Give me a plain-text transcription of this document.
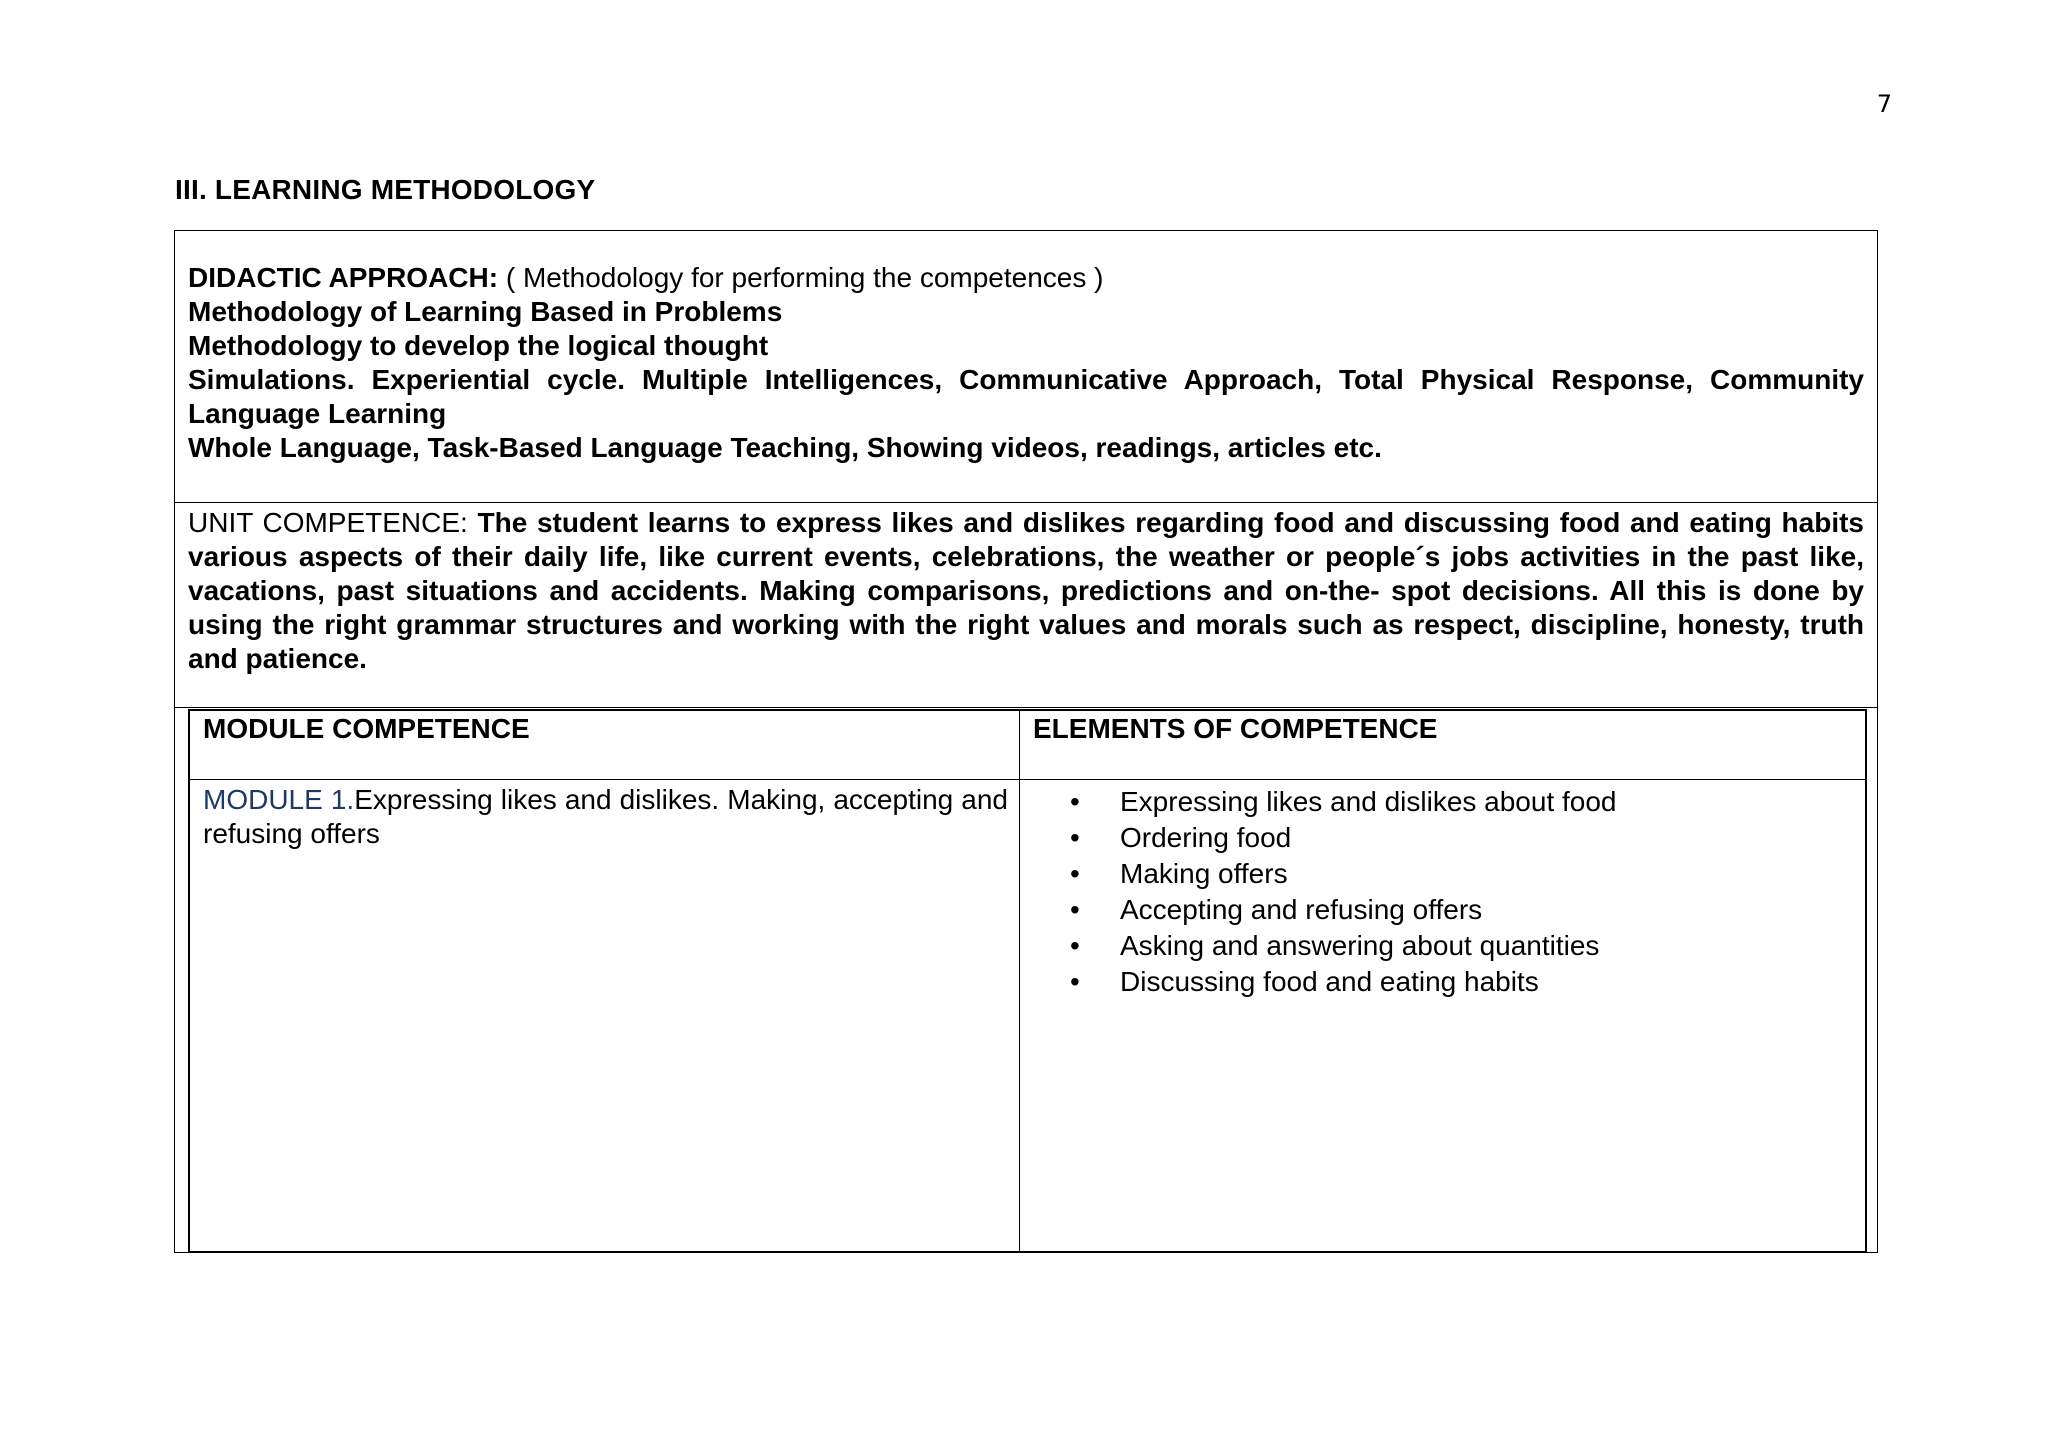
7
III. LEARNING METHODOLOGY
DIDACTIC APPROACH: ( Methodology for performing the competences )
Methodology of Learning Based in Problems
Methodology to develop the logical thought
Simulations. Experiential cycle. Multiple Intelligences, Communicative Approach, Total Physical Response, Community Language Learning
Whole Language, Task-Based Language Teaching, Showing videos, readings, articles etc.
UNIT COMPETENCE: The student learns to express likes and dislikes regarding food and discussing food and eating habits various aspects of their daily life, like current events, celebrations, the weather or people´s jobs activities in the past like, vacations, past situations and accidents. Making comparisons, predictions and on-the- spot decisions. All this is done by using the right grammar structures and working with the right values and morals such as respect, discipline, honesty, truth and patience.
MODULE COMPETENCE	ELEMENTS OF COMPETENCE
MODULE 1.Expressing likes and dislikes. Making, accepting and refusing offers
• Expressing likes and dislikes about food
• Ordering food
• Making offers
• Accepting and refusing offers
• Asking and answering about quantities
• Discussing food and eating habits
